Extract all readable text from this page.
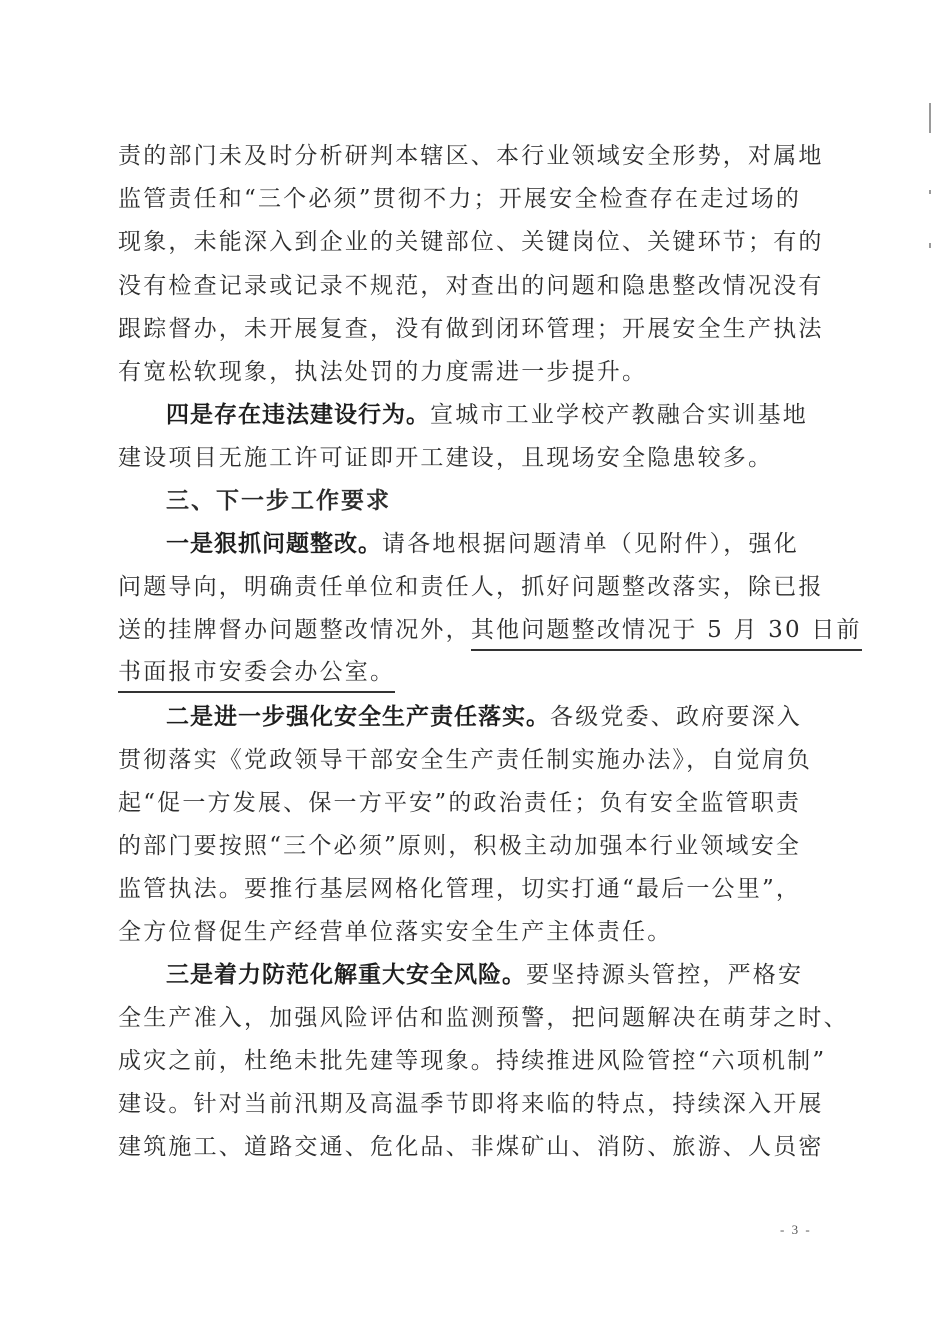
责的部门未及时分析研判本辖区、本行业领域安全形势，对属地
监管责任和“三个必须”贯彻不力；开展安全检查存在走过场的
现象，未能深入到企业的关键部位、关键岗位、关键环节；有的
没有检查记录或记录不规范，对查出的问题和隐患整改情况没有
跟踪督办，未开展复查，没有做到闭环管理；开展安全生产执法
有宽松软现象，执法处罚的力度需进一步提升。
四是存在违法建设行为。宣城市工业学校产教融合实训基地
建设项目无施工许可证即开工建设，且现场安全隐患较多。
三、下一步工作要求
一是狠抓问题整改。请各地根据问题清单（见附件），强化
问题导向，明确责任单位和责任人，抓好问题整改落实，除已报
送的挂牌督办问题整改情况外，其他问题整改情况于 5 月 30 日前
书面报市安委会办公室。
二是进一步强化安全生产责任落实。各级党委、政府要深入
贯彻落实《党政领导干部安全生产责任制实施办法》，自觉肩负
起“促一方发展、保一方平安”的政治责任；负有安全监管职责
的部门要按照“三个必须”原则，积极主动加强本行业领域安全
监管执法。要推行基层网格化管理，切实打通“最后一公里”，
全方位督促生产经营单位落实安全生产主体责任。
三是着力防范化解重大安全风险。要坚持源头管控，严格安
全生产准入，加强风险评估和监测预警，把问题解决在萌芽之时、
成灾之前，杜绝未批先建等现象。持续推进风险管控“六项机制”
建设。针对当前汛期及高温季节即将来临的特点，持续深入开展
建筑施工、道路交通、危化品、非煤矿山、消防、旅游、人员密
- 3 -
